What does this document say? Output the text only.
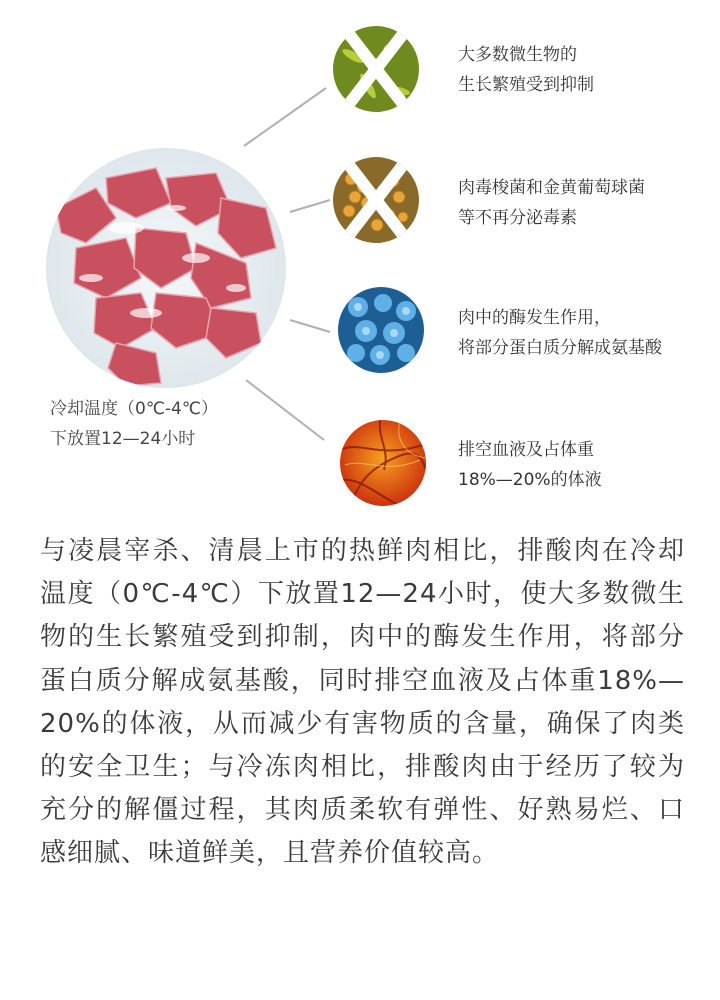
冷却温度（0℃-4℃）
下放置12—24小时
大多数微生物的
生长繁殖受到抑制
肉毒梭菌和金黄葡萄球菌
等不再分泌毒素
肉中的酶发生作用，
将部分蛋白质分解成氨基酸
排空血液及占体重
18%—20%的体液

与凌晨宰杀、清晨上市的热鲜肉相比，排酸肉在冷却温度（0℃-4℃）下放置12—24小时，使大多数微生物的生长繁殖受到抑制，肉中的酶发生作用，将部分蛋白质分解成氨基酸，同时排空血液及占体重18%—20%的体液，从而减少有害物质的含量，确保了肉类的安全卫生；与冷冻肉相比，排酸肉由于经历了较为充分的解僵过程，其肉质柔软有弹性、好熟易烂、口感细腻、味道鲜美，且营养价值较高。
